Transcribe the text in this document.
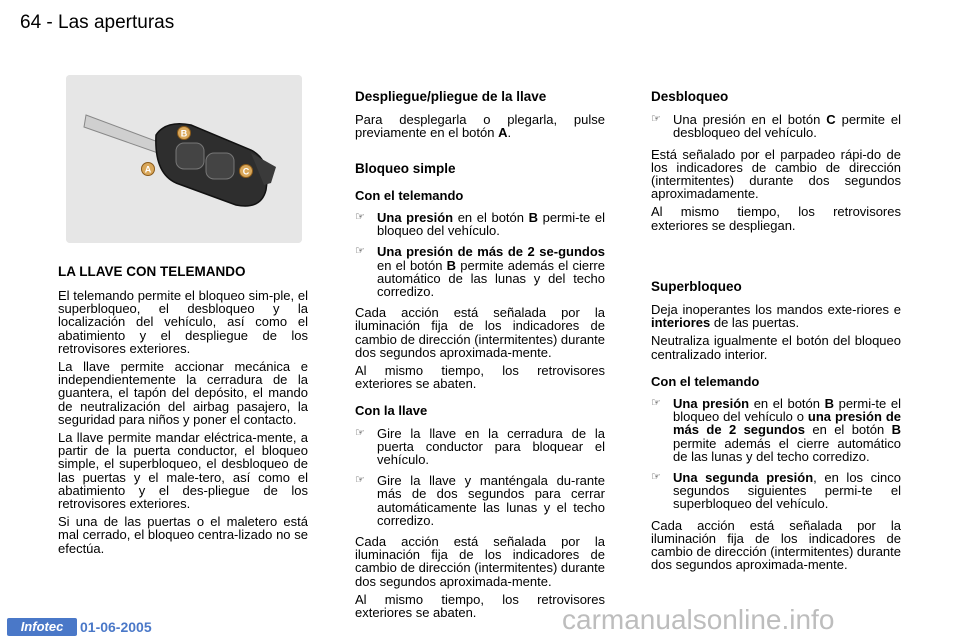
64 - Las aperturas
B
C
A
LA LLAVE CON TELEMANDO

El telemando permite el bloqueo sim-ple, el superbloqueo, el desbloqueo y la localización del vehículo, así como el abatimiento y el despliegue de los retrovisores exteriores.

La llave permite accionar mecánica e independientemente la cerradura de la guantera, el tapón del depósito, el mando de neutralización del airbag pasajero, la seguridad para niños y poner el contacto.

La llave permite mandar eléctrica-mente, a partir de la puerta conductor, el bloqueo simple, el superbloqueo, el desbloqueo de las puertas y el male-tero, así como el abatimiento y el des-pliegue de los retrovisores exteriores.

Si una de las puertas o el maletero está mal cerrado, el bloqueo centra-lizado no se efectúa.

Despliegue/pliegue de la llave

Para desplegarla o plegarla, pulse previamente en el botón A.

Bloqueo simple
Con el telemando
☞ Una presión en el botón B permi-te el bloqueo del vehículo.
☞ Una presión de más de 2 se-gundos en el botón B permite además el cierre automático de las lunas y del techo corredizo.

Cada acción está señalada por la iluminación fija de los indicadores de cambio de dirección (intermitentes) durante dos segundos aproximada-mente.

Al mismo tiempo, los retrovisores exteriores se abaten.

Con la llave
☞ Gire la llave en la cerradura de la puerta conductor para bloquear el vehículo.
☞ Gire la llave y manténgala du-rante más de dos segundos para cerrar automáticamente las lunas y el techo corredizo.

Cada acción está señalada por la iluminación fija de los indicadores de cambio de dirección (intermitentes) durante dos segundos aproximada-mente.

Al mismo tiempo, los retrovisores exteriores se abaten.

Desbloqueo
☞ Una presión en el botón C permite el desbloqueo del vehículo.

Está señalado por el parpadeo rápi-do de los indicadores de cambio de dirección (intermitentes) durante dos segundos aproximadamente.

Al mismo tiempo, los retrovisores exteriores se despliegan.

Superbloqueo

Deja inoperantes los mandos exte-riores e interiores de las puertas.

Neutraliza igualmente el botón del bloqueo centralizado interior.

Con el telemando
☞ Una presión en el botón B permi-te el bloqueo del vehículo o una presión de más de 2 segundos en el botón B permite además el cierre automático de las lunas y del techo corredizo.
☞ Una segunda presión, en los cinco segundos siguientes permi-te el superbloqueo del vehículo.

Cada acción está señalada por la iluminación fija de los indicadores de cambio de dirección (intermitentes) durante dos segundos aproximada-mente.

Infotec	01-06-2005	carmanualsonline.info
